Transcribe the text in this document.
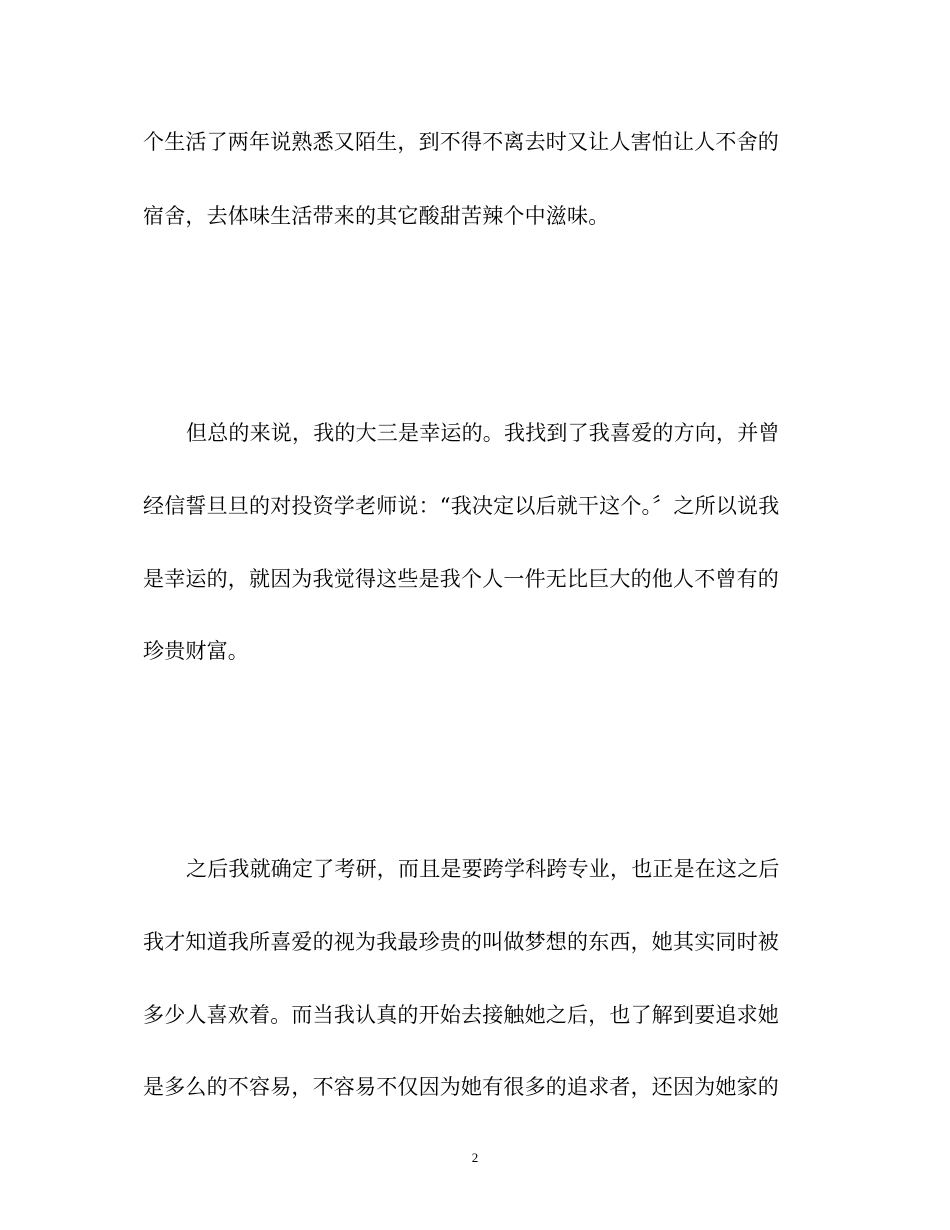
个生活了两年说熟悉又陌生，到不得不离去时又让人害怕让人不舍的
宿舍，去体味生活带来的其它酸甜苦辣个中滋味。
但总的来说，我的大三是幸运的。我找到了我喜爱的方向，并曾
经信誓旦旦的对投资学老师说：“我决定以后就干这个。〞之所以说我
是幸运的，就因为我觉得这些是我个人一件无比巨大的他人不曾有的
珍贵财富。
之后我就确定了考研，而且是要跨学科跨专业，也正是在这之后
我才知道我所喜爱的视为我最珍贵的叫做梦想的东西，她其实同时被
多少人喜欢着。而当我认真的开始去接触她之后，也了解到要追求她
是多么的不容易，不容易不仅因为她有很多的追求者，还因为她家的
2
